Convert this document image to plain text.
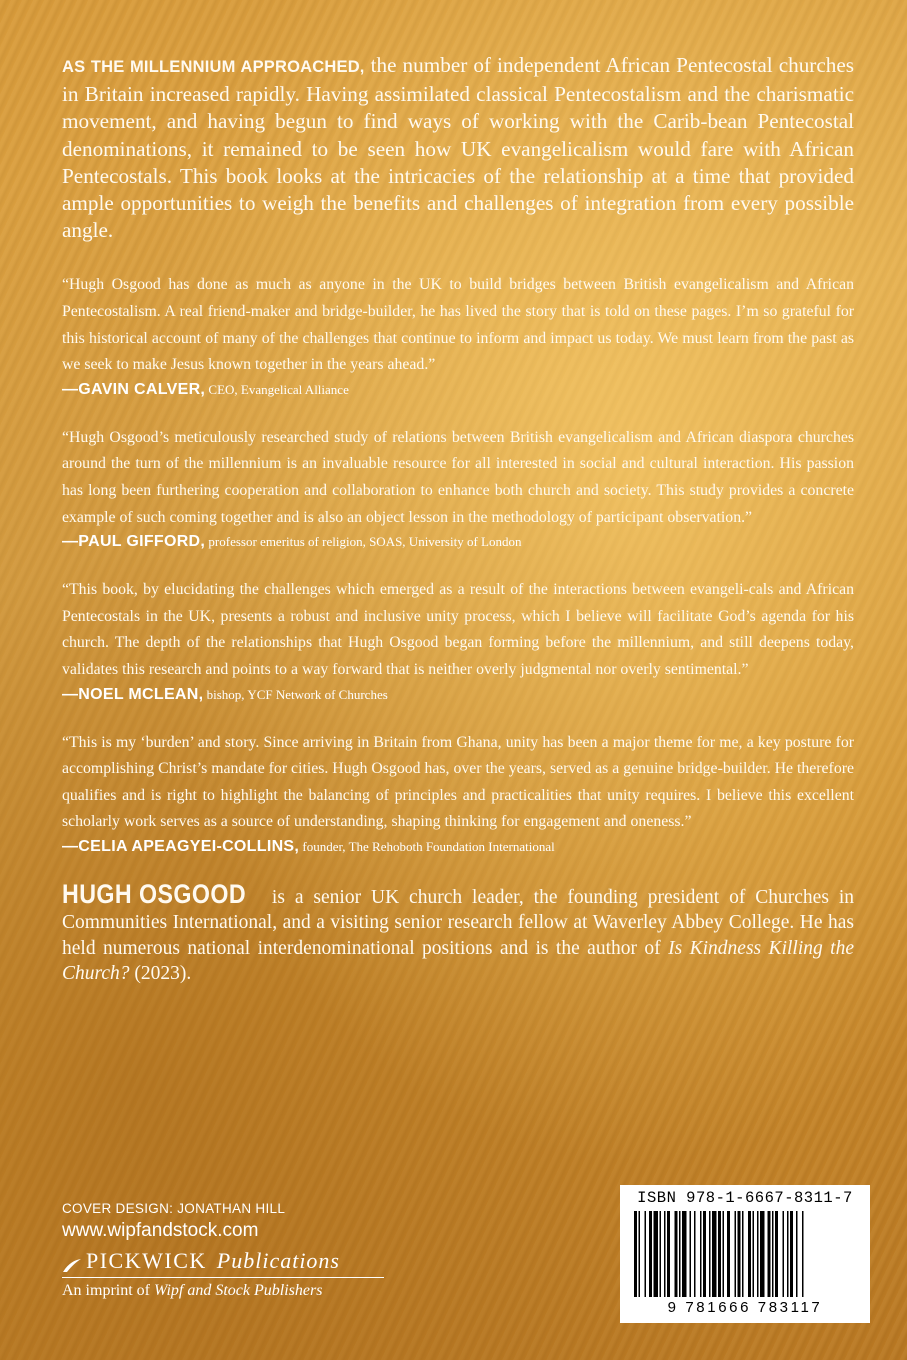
AS THE MILLENNIUM APPROACHED, the number of independent African Pentecostal churches in Britain increased rapidly. Having assimilated classical Pentecostalism and the charismatic movement, and having begun to find ways of working with the Carib-bean Pentecostal denominations, it remained to be seen how UK evangelicalism would fare with African Pentecostals. This book looks at the intricacies of the relationship at a time that provided ample opportunities to weigh the benefits and challenges of integration from every possible angle.

“Hugh Osgood has done as much as anyone in the UK to build bridges between British evangelicalism and African Pentecostalism. A real friend-maker and bridge-builder, he has lived the story that is told on these pages. I’m so grateful for this historical account of many of the challenges that continue to inform and impact us today. We must learn from the past as we seek to make Jesus known together in the years ahead.”

—GAVIN CALVER, CEO, Evangelical Alliance

“Hugh Osgood’s meticulously researched study of relations between British evangelicalism and African diaspora churches around the turn of the millennium is an invaluable resource for all interested in social and cultural interaction. His passion has long been furthering cooperation and collaboration to enhance both church and society. This study provides a concrete example of such coming together and is also an object lesson in the methodology of participant observation.”

—PAUL GIFFORD, professor emeritus of religion, SOAS, University of London

“This book, by elucidating the challenges which emerged as a result of the interactions between evangeli-cals and African Pentecostals in the UK, presents a robust and inclusive unity process, which I believe will facilitate God’s agenda for his church. The depth of the relationships that Hugh Osgood began forming before the millennium, and still deepens today, validates this research and points to a way forward that is neither overly judgmental nor overly sentimental.”

—NOEL MCLEAN, bishop, YCF Network of Churches

“This is my ‘burden’ and story. Since arriving in Britain from Ghana, unity has been a major theme for me, a key posture for accomplishing Christ’s mandate for cities. Hugh Osgood has, over the years, served as a genuine bridge-builder. He therefore qualifies and is right to highlight the balancing of principles and practicalities that unity requires. I believe this excellent scholarly work serves as a source of understanding, shaping thinking for engagement and oneness.”

—CELIA APEAGYEI-COLLINS, founder, The Rehoboth Foundation International

HUGH OSGOOD is a senior UK church leader, the founding president of Churches in Communities International, and a visiting senior research fellow at Waverley Abbey College. He has held numerous national interdenominational positions and is the author of Is Kindness Killing the Church? (2023).

COVER DESIGN: JONATHAN HILL

www.wipfandstock.com

PICKWICK Publications

An imprint of Wipf and Stock Publishers

ISBN 978-1-6667-8311-7

9 781666 783117
